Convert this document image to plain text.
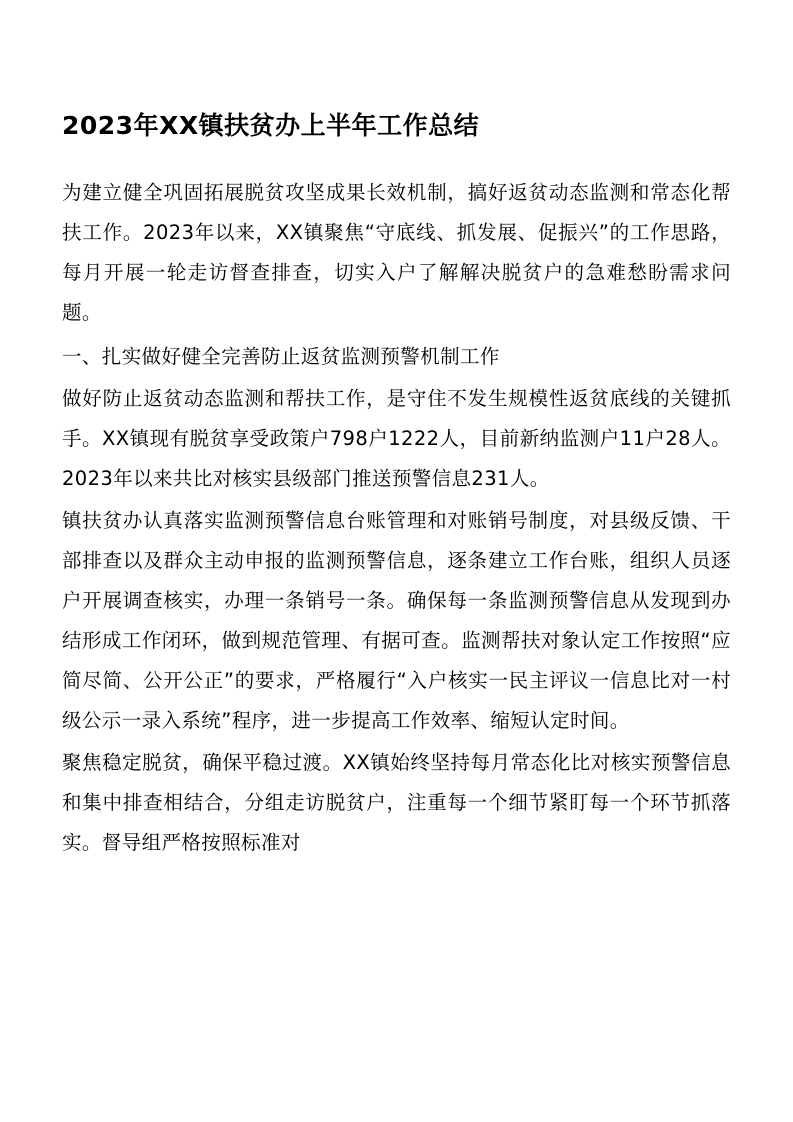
2023年XX镇扶贫办上半年工作总结

为建立健全巩固拓展脱贫攻坚成果长效机制，搞好返贫动态监测和常态化帮扶工作。2023年以来，XX镇聚焦“守底线、抓发展、促振兴”的工作思路，每月开展一轮走访督查排查，切实入户了解解决脱贫户的急难愁盼需求问题。

一、扎实做好健全完善防止返贫监测预警机制工作

做好防止返贫动态监测和帮扶工作，是守住不发生规模性返贫底线的关键抓手。XX镇现有脱贫享受政策户798户1222人，目前新纳监测户11户28人。2023年以来共比对核实县级部门推送预警信息231人。

镇扶贫办认真落实监测预警信息台账管理和对账销号制度，对县级反馈、干部排查以及群众主动申报的监测预警信息，逐条建立工作台账，组织人员逐户开展调查核实，办理一条销号一条。确保每一条监测预警信息从发现到办结形成工作闭环，做到规范管理、有据可查。监测帮扶对象认定工作按照“应简尽简、公开公正”的要求，严格履行“入户核实一民主评议一信息比对一村级公示一录入系统”程序，进一步提高工作效率、缩短认定时间。

聚焦稳定脱贫，确保平稳过渡。XX镇始终坚持每月常态化比对核实预警信息和集中排查相结合，分组走访脱贫户，注重每一个细节紧盯每一个环节抓落实。督导组严格按照标准对
